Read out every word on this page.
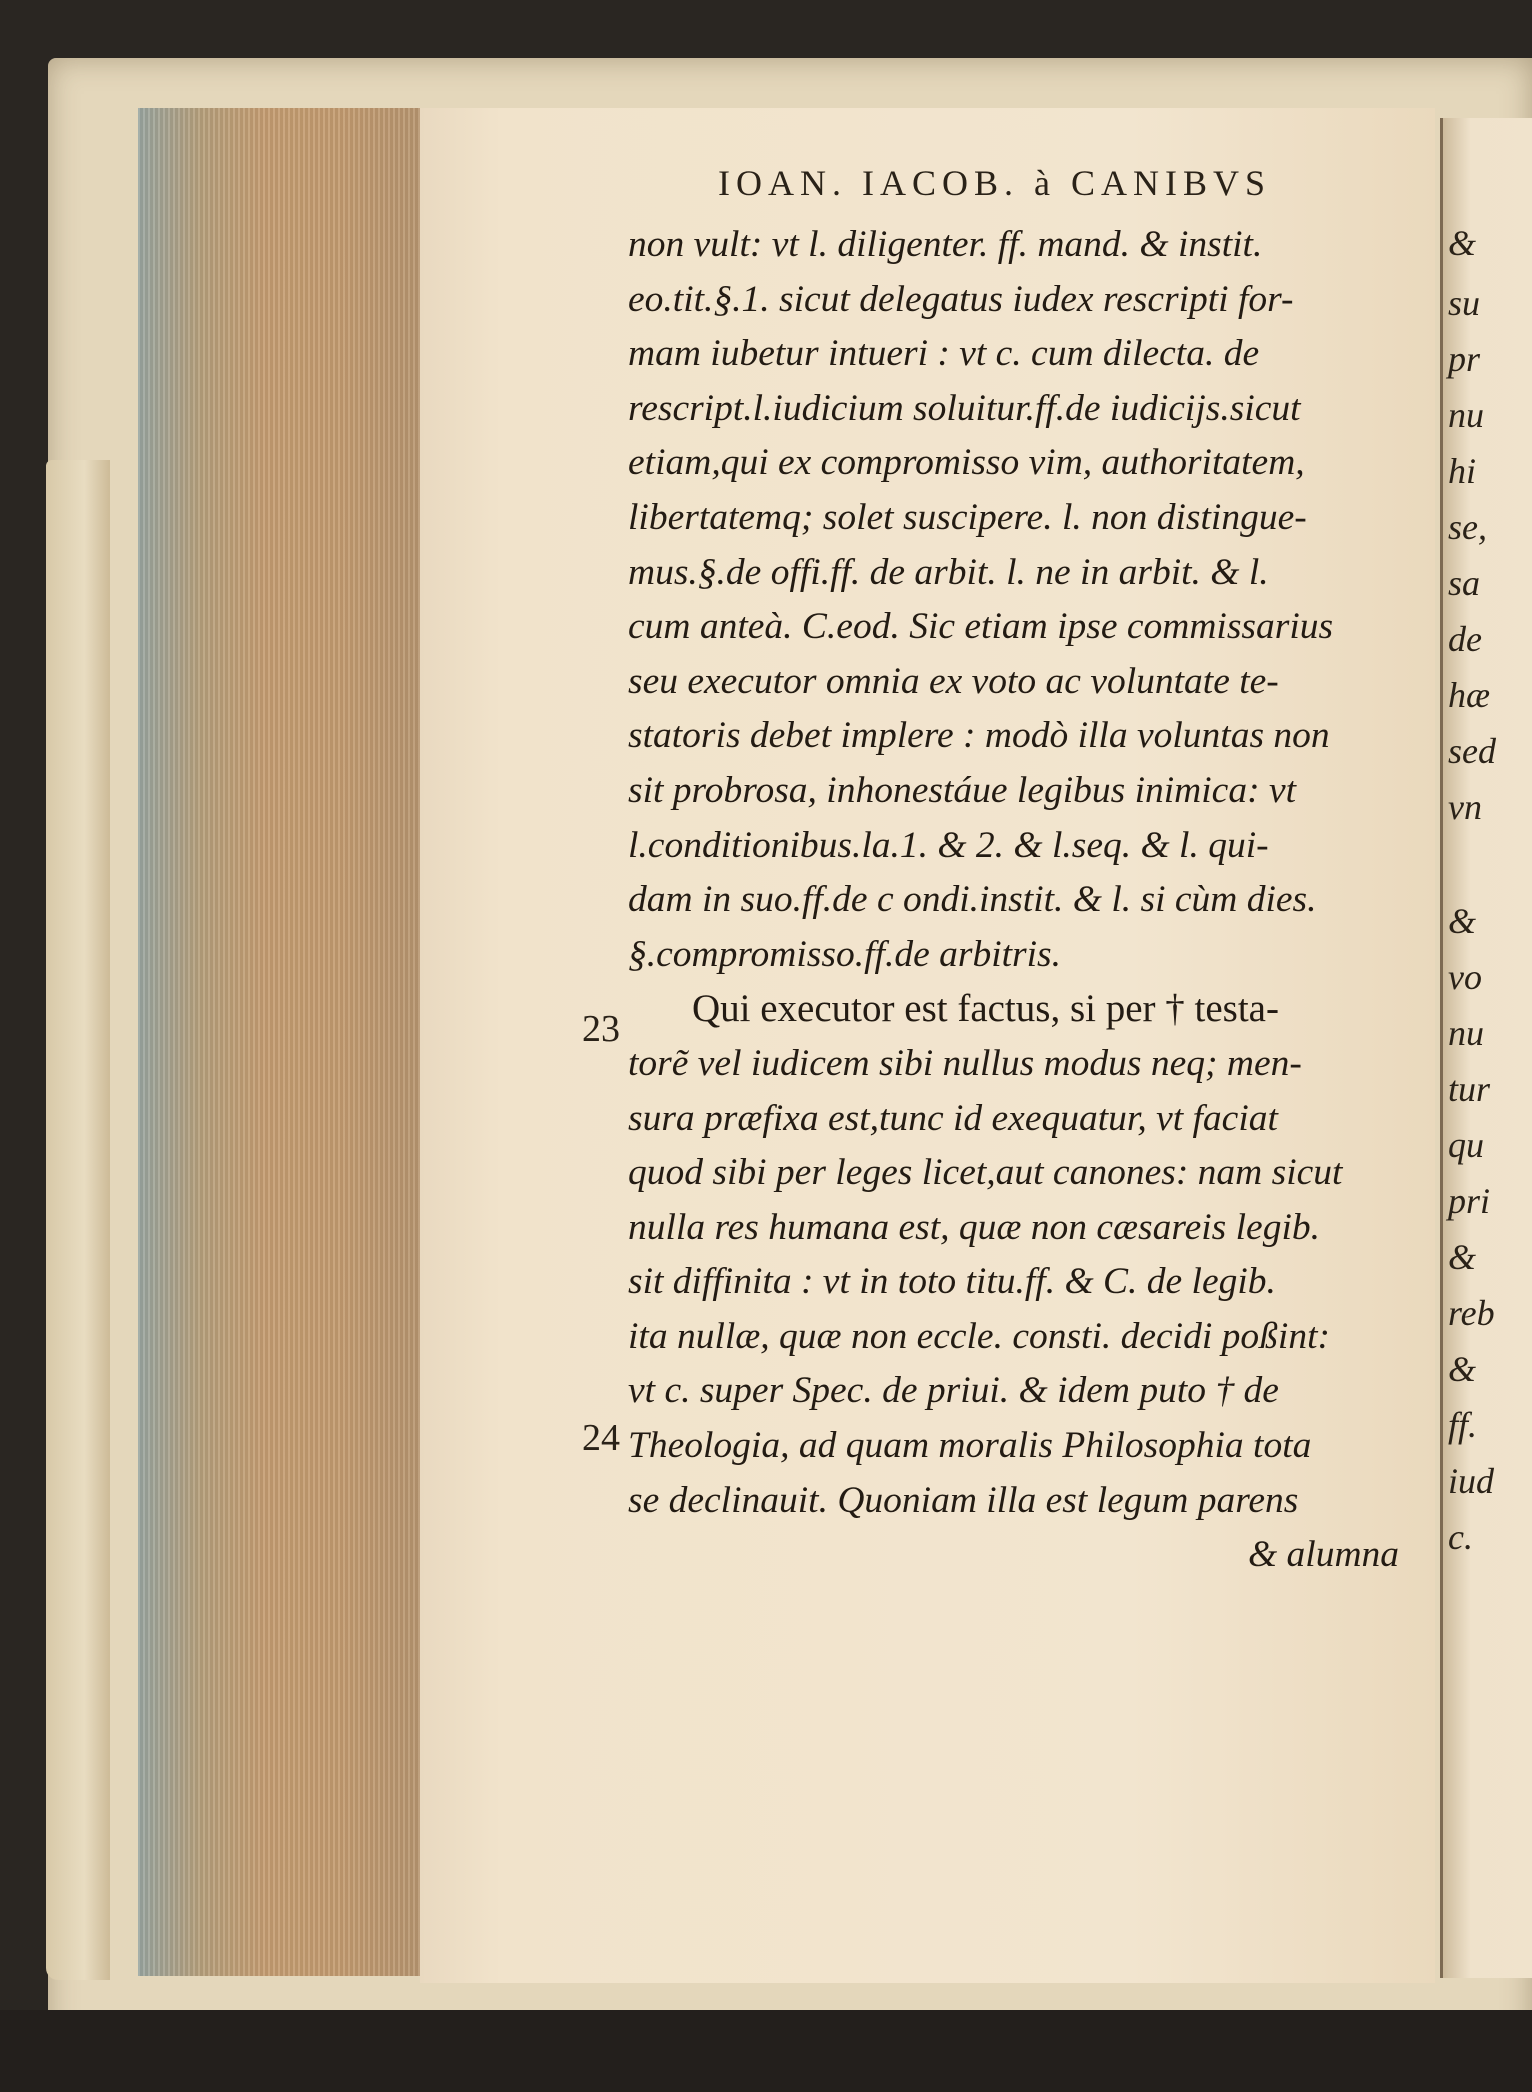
IOAN. IACOB. à CANIBVS
non vult: vt l. diligenter. ff. mand. & instit.
eo.tit.§.1. sicut delegatus iudex rescripti for-
mam iubetur intueri : vt c. cum dilecta. de
rescript.l.iudicium soluitur.ff.de iudicijs.sicut
etiam,qui ex compromisso vim, authoritatem,
libertatemq; solet suscipere. l. non distingue-
mus.§.de offi.ff. de arbit. l. ne in arbit. & l.
cum anteà. C.eod. Sic etiam ipse commissarius
seu executor omnia ex voto ac voluntate te-
statoris debet implere : modò illa voluntas non
sit probrosa, inhonestáue legibus inimica: vt
l.conditionibus.la.1. & 2. & l.seq. & l. qui-
dam in suo.ff.de c ondi.instit. & l. si cùm dies.
§.compromisso.ff.de arbitris.
Qui executor est factus, si per † testa-
torẽ vel iudicem sibi nullus modus neq; men-
sura præfixa est,tunc id exequatur, vt faciat
quod sibi per leges licet,aut canones: nam sicut
nulla res humana est, quæ non cæsareis legib.
sit diffinita : vt in toto titu.ff. & C. de legib.
ita nullæ, quæ non eccle. consti. decidi poßint:
vt c. super Spec. de priui. & idem puto † de
Theologia, ad quam moralis Philosophia tota
se declinauit. Quoniam illa est legum parens
& alumna
23
24
&
su
pr
nu
hi
se,
sa
de
hæ
sed
vn
&
vo
nu
tur
qu
pri
&
reb
&
ff.
iud
c.
